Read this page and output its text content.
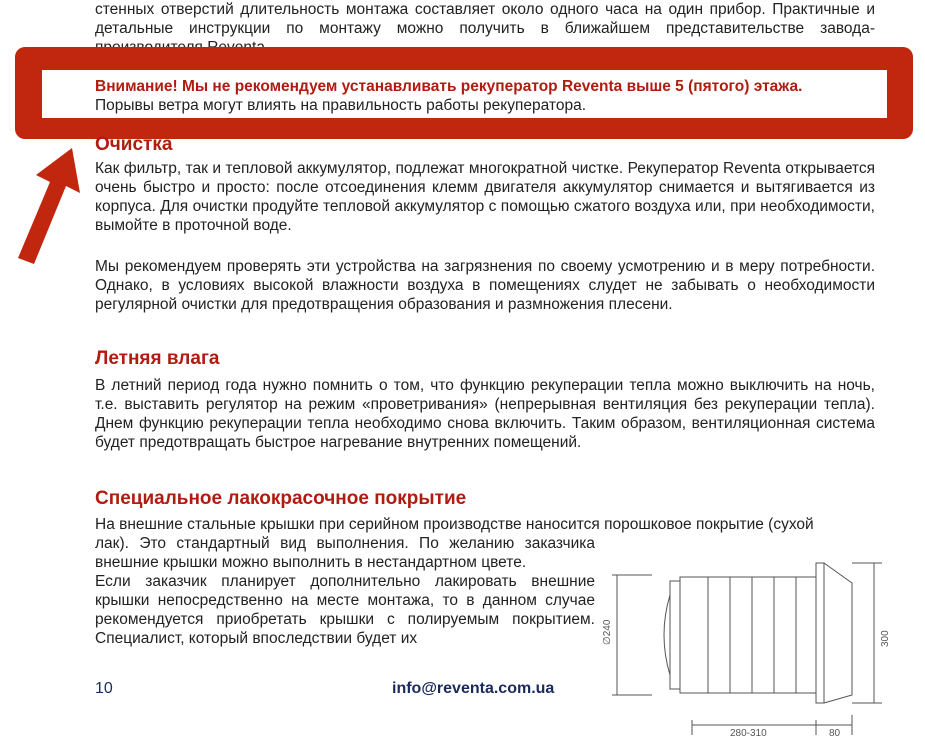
стенных отверстий длительность монтажа составляет около одного часа на один прибор. Практичные и детальные инструкции по монтажу можно получить в ближайшем представительстве завода-

Внимание! Мы не рекомендуем устанавливать рекуператор Reventa выше 5 (пятого) этажа.
Порывы ветра могут влиять на правильность работы рекуператора.

Очистка

Как фильтр, так и тепловой аккумулятор, подлежат многократной чистке. Рекуператор Reventa открывается очень быстро и просто: после отсоединения клемм двигателя аккумулятор снимается и вытягивается из корпуса. Для очистки продуйте тепловой аккумулятор с помощью сжатого воздуха или, при необходимости, вымойте в проточной воде.

Мы рекомендуем проверять эти устройства на загрязнения по своему усмотрению и в меру потребности. Однако, в условиях высокой влажности воздуха в помещениях слудет не забывать о необходимости регулярной очистки для предотвращения образования и размножения плесени.

Летняя влага

В летний период года нужно помнить о том, что функцию рекуперации тепла можно выключить на ночь, т.е. выставить регулятор на режим «проветривания» (непрерывная вентиляция без рекуперации тепла). Днем функцию рекуперации тепла необходимо снова включить. Таким образом, вентиляционная система будет предотвращать быстрое нагревание внутренних помещений.

Специальное лакокрасочное покрытие

На внешние стальные крышки при серийном производстве наносится порошковое покрытие (сухой

лак). Это стандартный вид выполнения. По желанию заказчика внешние крышки можно выполнить в нестандартном цвете.

Если заказчик планирует дополнительно лакировать внешние крышки непосредственно на месте монтажа, то в данном случае рекомендуется приобретать крышки с полируемым покрытием. Специалист, который впоследствии будет их

10	info@reventa.com.ua
∅240	300
280-310	80
